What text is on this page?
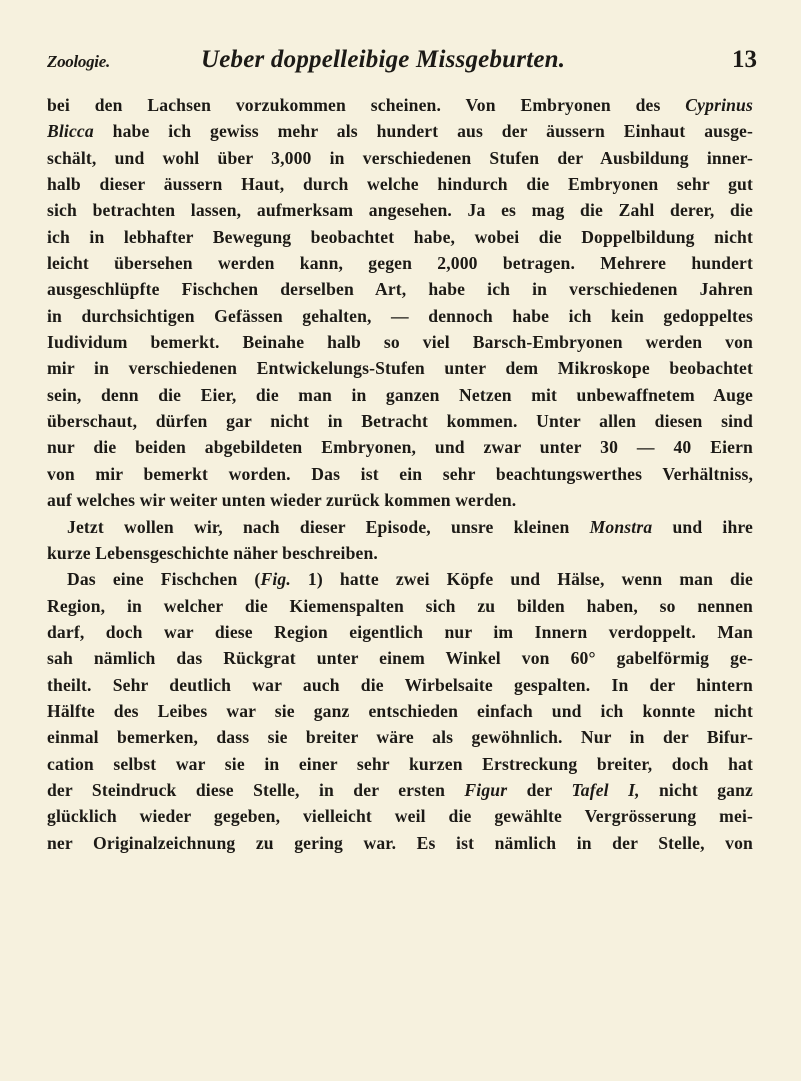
Zoologie.	Ueber doppelleibige Missgeburten.	13
bei den Lachsen vorzukommen scheinen. Von Embryonen des Cyprinus
Blicca habe ich gewiss mehr als hundert aus der äussern Einhaut ausge-
schält, und wohl über 3,000 in verschiedenen Stufen der Ausbildung inner-
halb dieser äussern Haut, durch welche hindurch die Embryonen sehr gut
sich betrachten lassen, aufmerksam angesehen. Ja es mag die Zahl derer, die
ich in lebhafter Bewegung beobachtet habe, wobei die Doppelbildung nicht
leicht übersehen werden kann, gegen 2,000 betragen. Mehrere hundert
ausgeschlüpfte Fischchen derselben Art, habe ich in verschiedenen Jahren
in durchsichtigen Gefässen gehalten, — dennoch habe ich kein gedoppeltes
Iudividum bemerkt. Beinahe halb so viel Barsch-Embryonen werden von
mir in verschiedenen Entwickelungs-Stufen unter dem Mikroskope beobachtet
sein, denn die Eier, die man in ganzen Netzen mit unbewaffnetem Auge
überschaut, dürfen gar nicht in Betracht kommen. Unter allen diesen sind
nur die beiden abgebildeten Embryonen, und zwar unter 30 — 40 Eiern
von mir bemerkt worden. Das ist ein sehr beachtungswerthes Verhältniss,
auf welches wir weiter unten wieder zurück kommen werden.
Jetzt wollen wir, nach dieser Episode, unsre kleinen Monstra und ihre
kurze Lebensgeschichte näher beschreiben.
Das eine Fischchen (Fig. 1) hatte zwei Köpfe und Hälse, wenn man die
Region, in welcher die Kiemenspalten sich zu bilden haben, so nennen
darf, doch war diese Region eigentlich nur im Innern verdoppelt. Man
sah nämlich das Rückgrat unter einem Winkel von 60° gabelförmig ge-
theilt. Sehr deutlich war auch die Wirbelsaite gespalten. In der hintern
Hälfte des Leibes war sie ganz entschieden einfach und ich konnte nicht
einmal bemerken, dass sie breiter wäre als gewöhnlich. Nur in der Bifur-
cation selbst war sie in einer sehr kurzen Erstreckung breiter, doch hat
der Steindruck diese Stelle, in der ersten Figur der Tafel I, nicht ganz
glücklich wieder gegeben, vielleicht weil die gewählte Vergrösserung mei-
ner Originalzeichnung zu gering war. Es ist nämlich in der Stelle, von
